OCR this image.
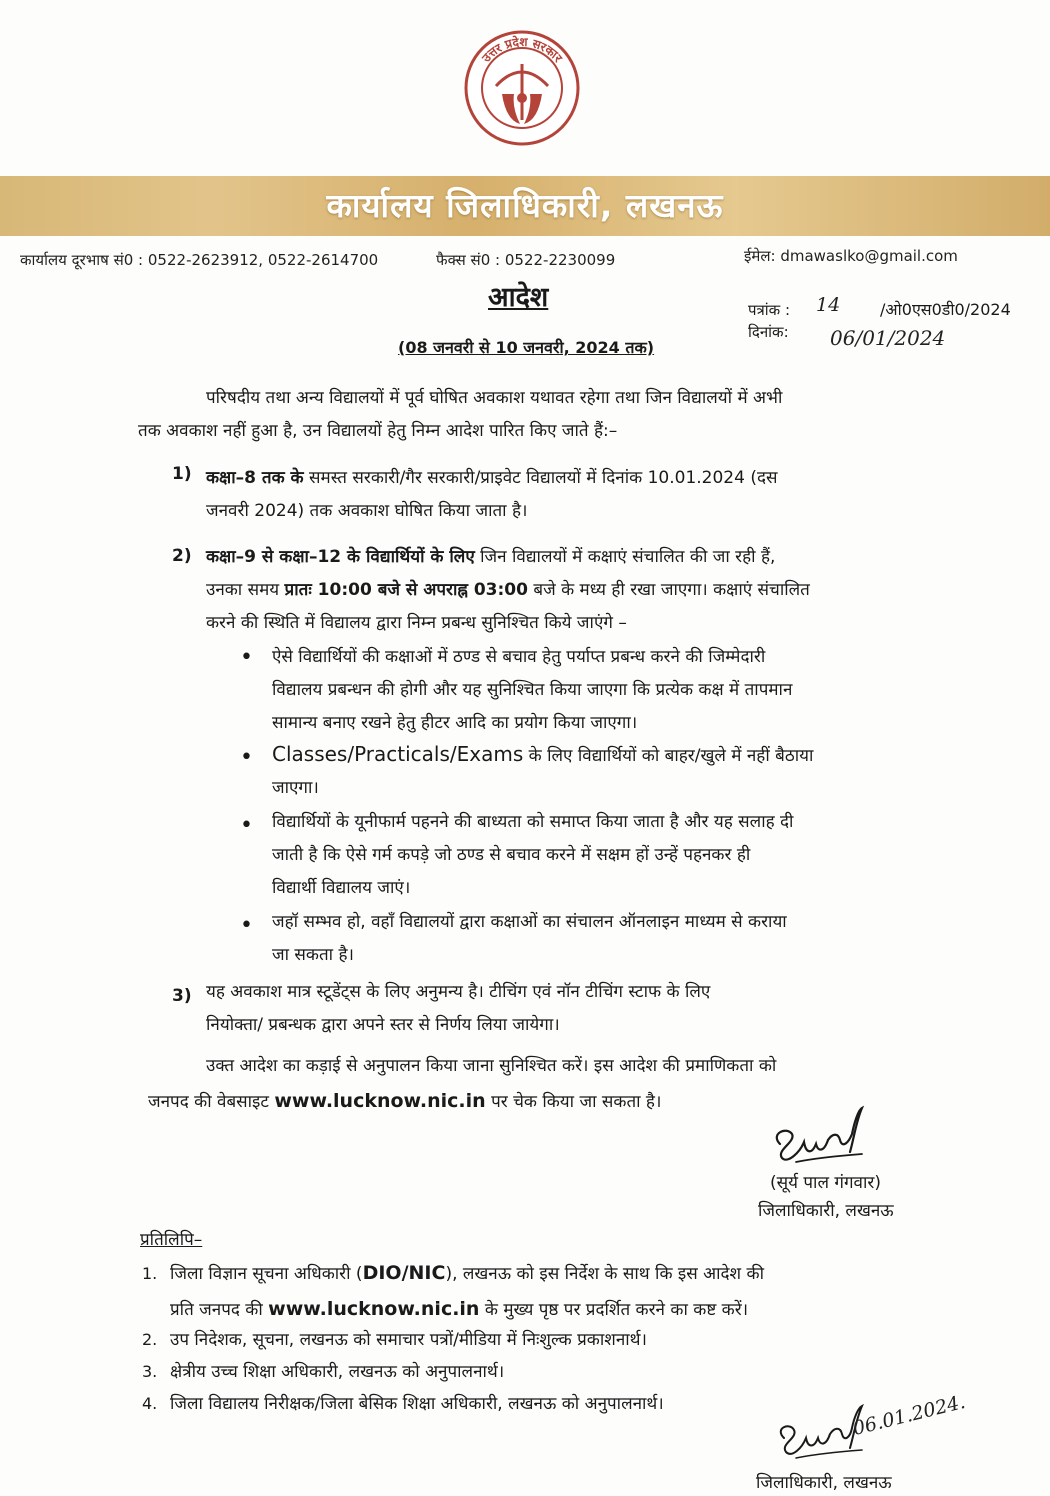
उत्तर प्रदेश सरकार
कार्यालय जिलाधिकारी, लखनऊ
कार्यालय दूरभाष सं0 : 0522-2623912, 0522-2614700	फैक्स सं0 : 0522-2230099	ईमेल: dmawaslko@gmail.com
आदेश
(08 जनवरी से 10 जनवरी, 2024 तक)
पत्रांक : 14 /ओ0एस0डी0/2024
दिनांक: 06/01/2024
परिषदीय तथा अन्य विद्यालयों में पूर्व घोषित अवकाश यथावत रहेगा तथा जिन विद्यालयों में अभी
तक अवकाश नहीं हुआ है, उन विद्यालयों हेतु निम्न आदेश पारित किए जाते हैं:–
1) कक्षा–8 तक के समस्त सरकारी/गैर सरकारी/प्राइवेट विद्यालयों में दिनांक 10.01.2024 (दस
जनवरी 2024) तक अवकाश घोषित किया जाता है।
2) कक्षा–9 से कक्षा–12 के विद्यार्थियों के लिए जिन विद्यालयों में कक्षाएं संचालित की जा रही हैं,
उनका समय प्रातः 10:00 बजे से अपराह्न 03:00 बजे के मध्य ही रखा जाएगा। कक्षाएं संचालित
करने की स्थिति में विद्यालय द्वारा निम्न प्रबन्ध सुनिश्चित किये जाएंगे –
• ऐसे विद्यार्थियों की कक्षाओं में ठण्ड से बचाव हेतु पर्याप्त प्रबन्ध करने की जिम्मेदारी
विद्यालय प्रबन्धन की होगी और यह सुनिश्चित किया जाएगा कि प्रत्येक कक्ष में तापमान
सामान्य बनाए रखने हेतु हीटर आदि का प्रयोग किया जाएगा।
• Classes/Practicals/Exams के लिए विद्यार्थियों को बाहर/खुले में नहीं बैठाया
जाएगा।
• विद्यार्थियों के यूनीफार्म पहनने की बाध्यता को समाप्त किया जाता है और यह सलाह दी
जाती है कि ऐसे गर्म कपड़े जो ठण्ड से बचाव करने में सक्षम हों उन्हें पहनकर ही
विद्यार्थी विद्यालय जाएं।
• जहॉ सम्भव हो, वहाँ विद्यालयों द्वारा कक्षाओं का संचालन ऑनलाइन माध्यम से कराया
जा सकता है।
3) यह अवकाश मात्र स्टूडेंट्स के लिए अनुमन्य है। टीचिंग एवं नॉन टीचिंग स्टाफ के लिए
नियोक्ता/ प्रबन्धक द्वारा अपने स्तर से निर्णय लिया जायेगा।
उक्त आदेश का कड़ाई से अनुपालन किया जाना सुनिश्चित करें। इस आदेश की प्रमाणिकता को
जनपद की वेबसाइट www.lucknow.nic.in पर चेक किया जा सकता है।
(सूर्य पाल गंगवार)
जिलाधिकारी, लखनऊ
प्रतिलिपि–
1. जिला विज्ञान सूचना अधिकारी (DIO/NIC), लखनऊ को इस निर्देश के साथ कि इस आदेश की
प्रति जनपद की www.lucknow.nic.in के मुख्य पृष्ठ पर प्रदर्शित करने का कष्ट करें।
2. उप निदेशक, सूचना, लखनऊ को समाचार पत्रों/मीडिया में निःशुल्क प्रकाशनार्थ।
3. क्षेत्रीय उच्च शिक्षा अधिकारी, लखनऊ को अनुपालनार्थ।
4. जिला विद्यालय निरीक्षक/जिला बेसिक शिक्षा अधिकारी, लखनऊ को अनुपालनार्थ।	06.01.2024.
जिलाधिकारी, लखनऊ
